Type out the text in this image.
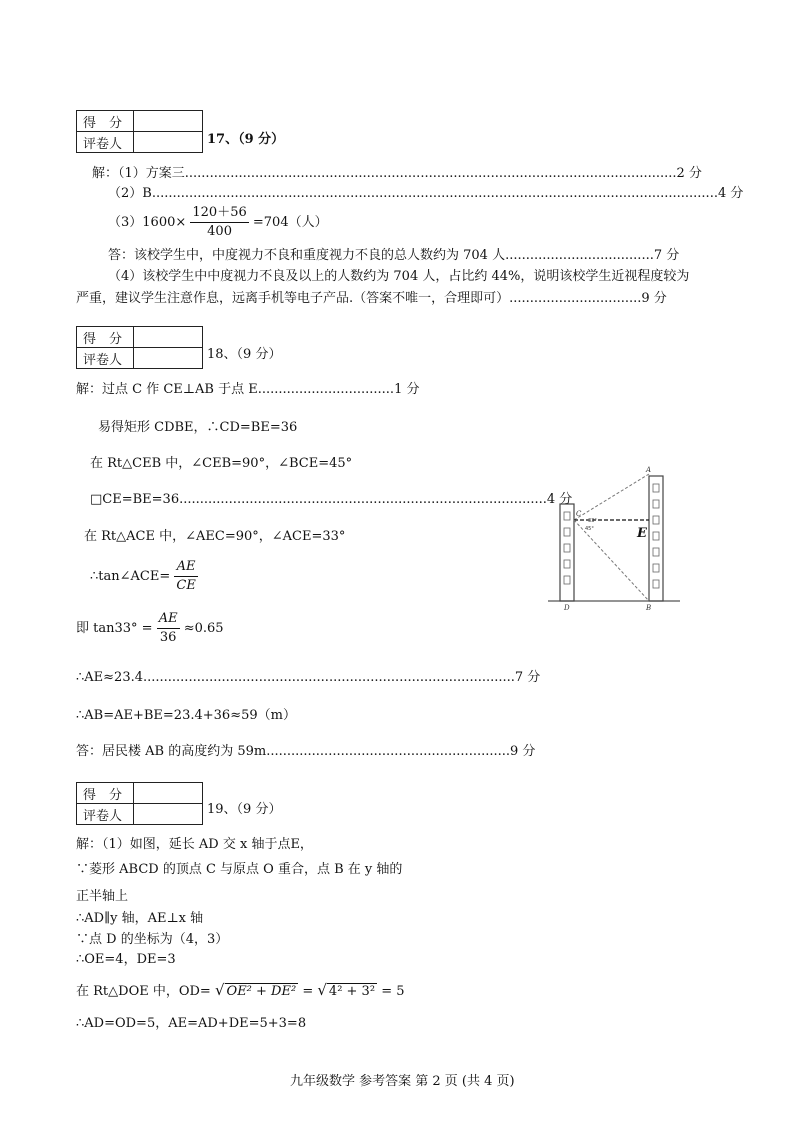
得　分	
评卷人		17、（9 分）
解：（1）方案三.......................................................................................................................2 分
（2）B.........................................................................................................................................4 分
$(3)1600\times \frac{120+56}{400} =704$（人）
答：该校学生中，中度视力不良和重度视力不良的总人数约为 704 人....................................7 分
（4）该校学生中中度视力不良及以上的人数约为 704 人，占比约 44%，说明该校学生近视程度较为
严重，建议学生注意作息，远离手机等电子产品.（答案不唯一，合理即可）................................9 分
得　分	
评卷人		18、（9 分）
解：过点 C 作 CE⊥AB 于点 E.................................1 分
易得矩形 CDBE，∴CD=BE=36
在 Rt△CEB 中，∠CEB=90°，∠BCE=45°
□CE=BE=36.........................................................................................4 分
在 Rt△ACE 中，∠AEC=90°，∠ACE=33°
∴tan∠ACE= $\frac{AE}{CE}$
即 $\tan 33^\circ = \frac{AE}{36} \approx 0.65$
∴AE≈23.4..........................................................................................7 分
∴AB=AE+BE=23.4+36≈59（m）
答：居民楼 AB 的高度约为 59m...........................................................9 分
A
B
C
D
E
33°
45°
得　分	
评卷人		19、（9 分）
解：（1）如图，延长 AD 交 x 轴于点E，
∵菱形 ABCD 的顶点 C 与原点 O 重合，点 B 在 y 轴的
正半轴上
∴AD∥y 轴，AE⊥x 轴
∵点 D 的坐标为（4，3）
∴OE=4，DE=3
在 Rt△DOE 中，OD= √ OE² + DE² = √ 4² + 3² = 5
∴AD=OD=5，AE=AD+DE=5+3=8
九年级数学 参考答案 第 2 页 (共 4 页)
